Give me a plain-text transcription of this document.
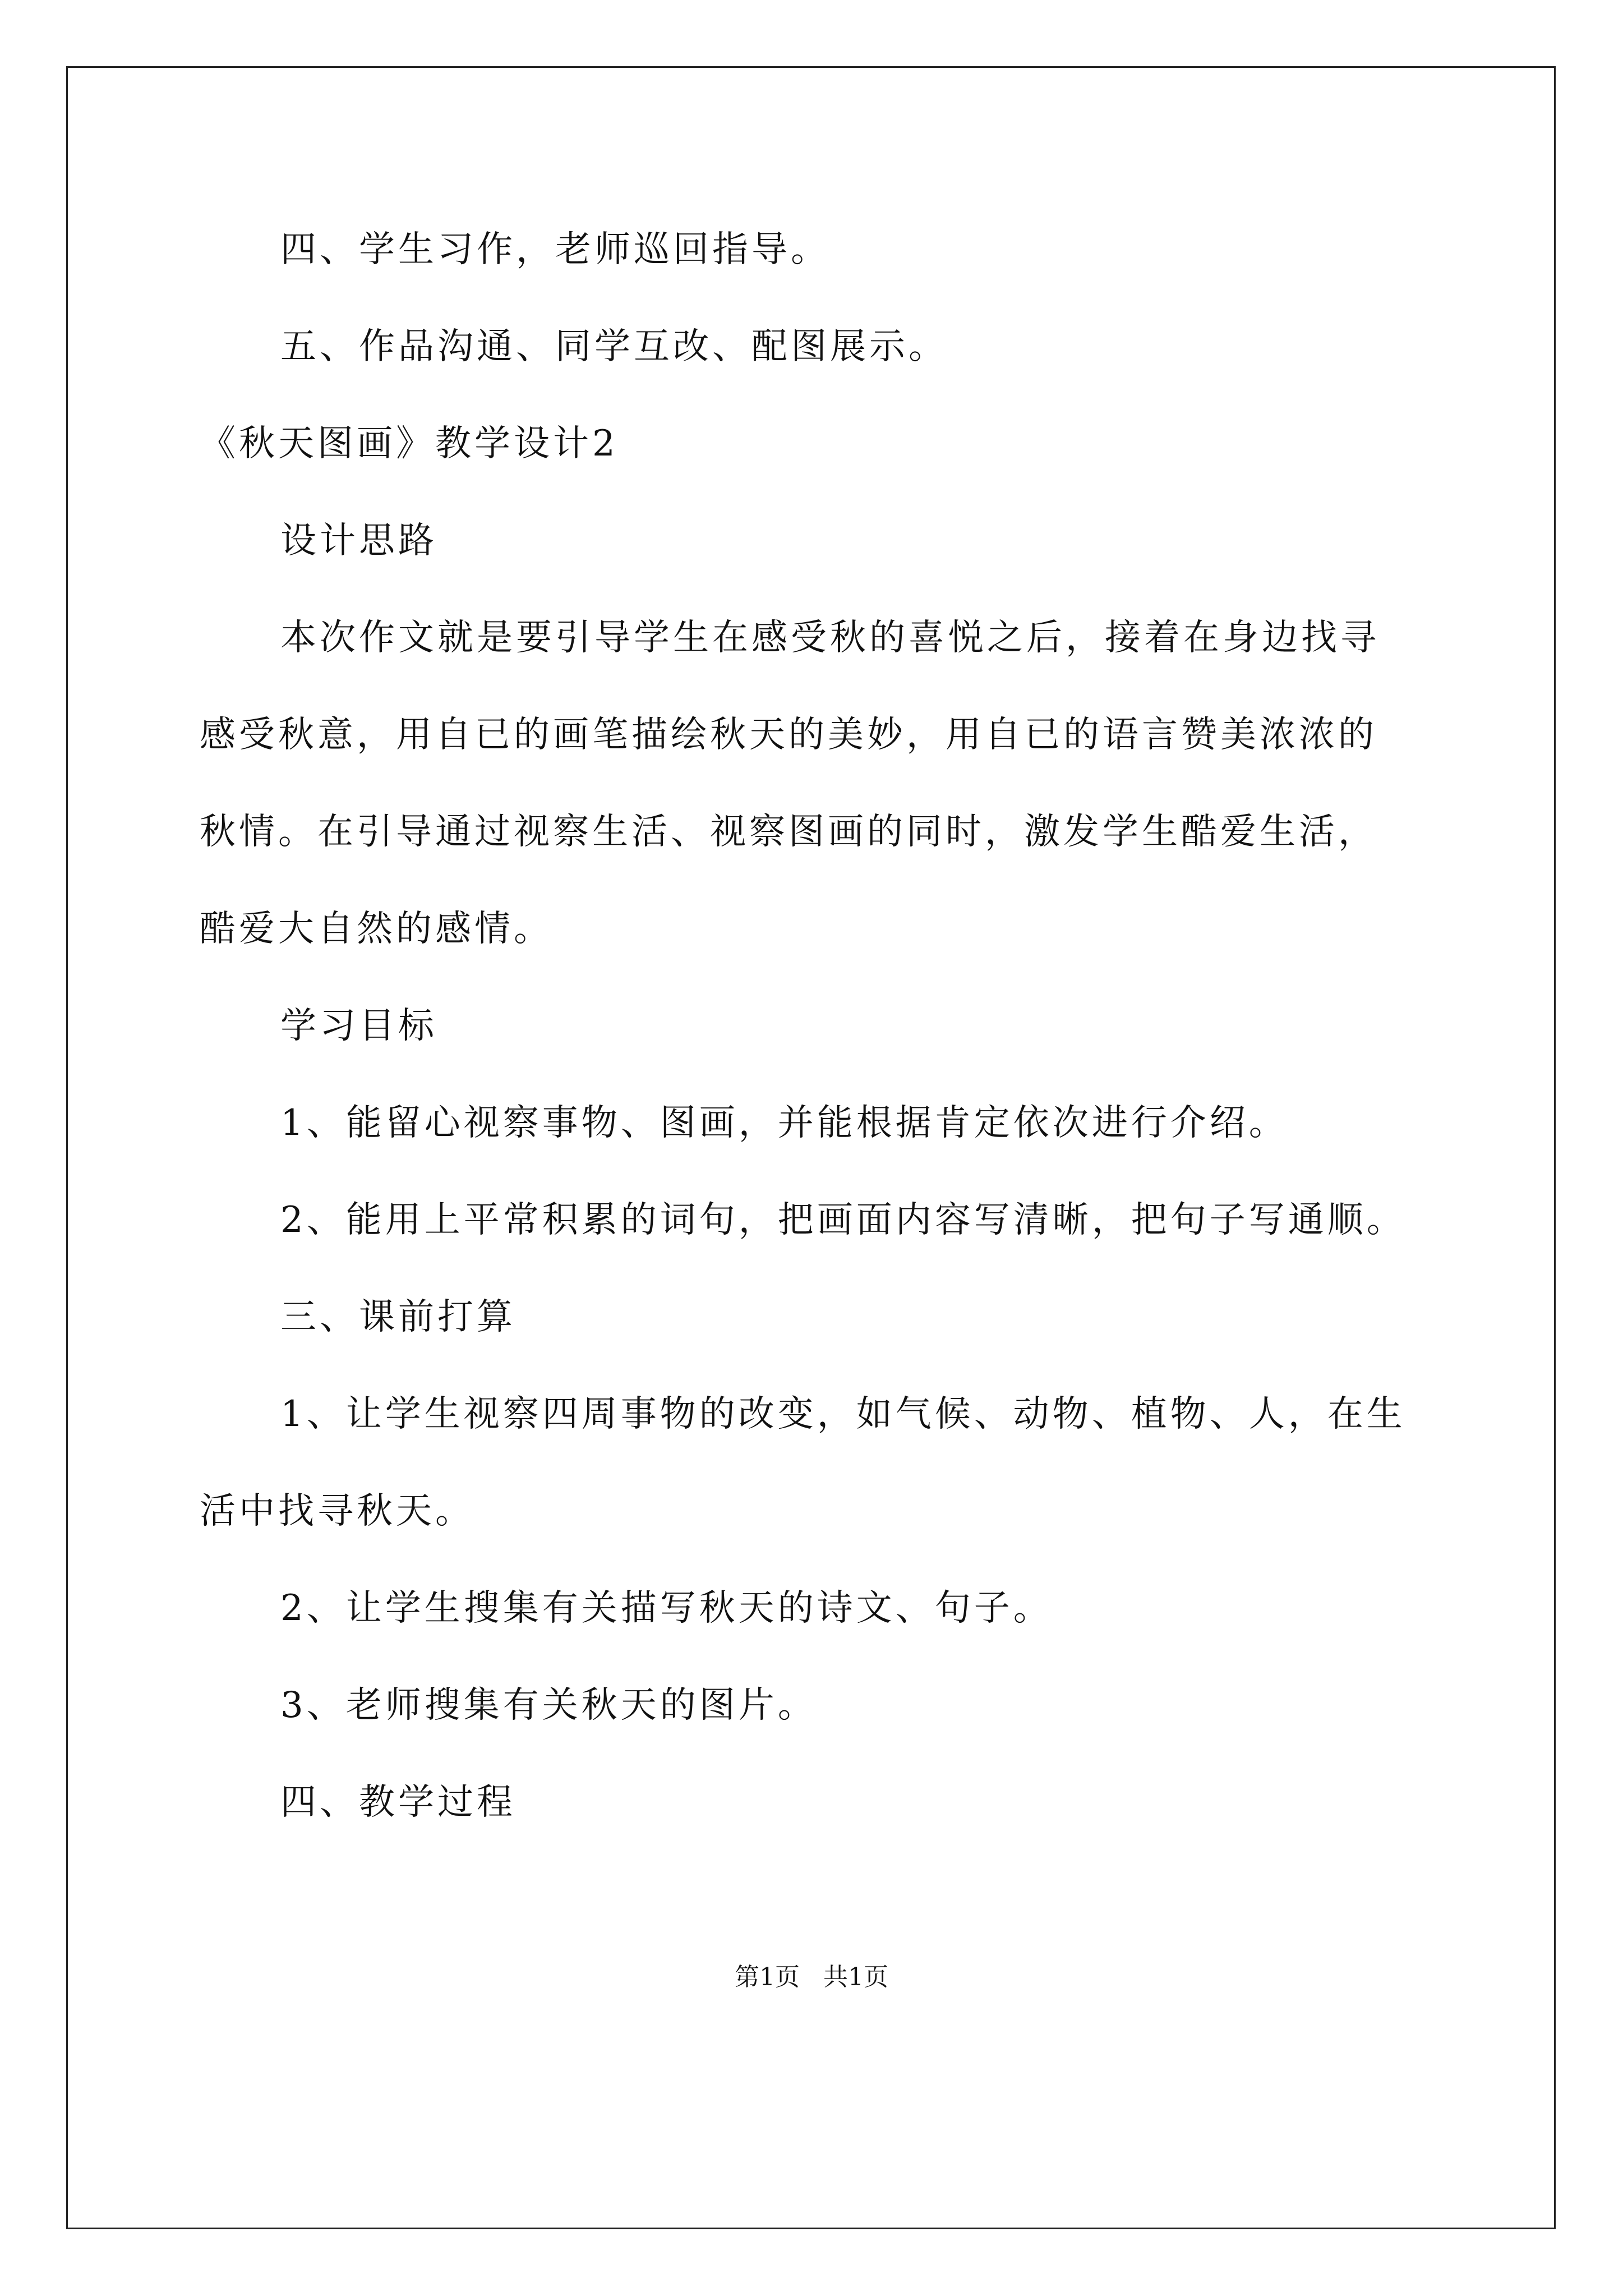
四、学生习作，老师巡回指导。
五、作品沟通、同学互改、配图展示。
《秋天图画》教学设计2
设计思路
本次作文就是要引导学生在感受秋的喜悦之后，接着在身边找寻
感受秋意，用自已的画笔描绘秋天的美妙，用自已的语言赞美浓浓的
秋情。在引导通过视察生活、视察图画的同时，激发学生酷爱生活，
酷爱大自然的感情。
学习目标
1、能留心视察事物、图画，并能根据肯定依次进行介绍。
2、能用上平常积累的词句，把画面内容写清晰，把句子写通顺。
三、课前打算
1、让学生视察四周事物的改变，如气候、动物、植物、人，在生
活中找寻秋天。
2、让学生搜集有关描写秋天的诗文、句子。
3、老师搜集有关秋天的图片。
四、教学过程
第1页   共1页
